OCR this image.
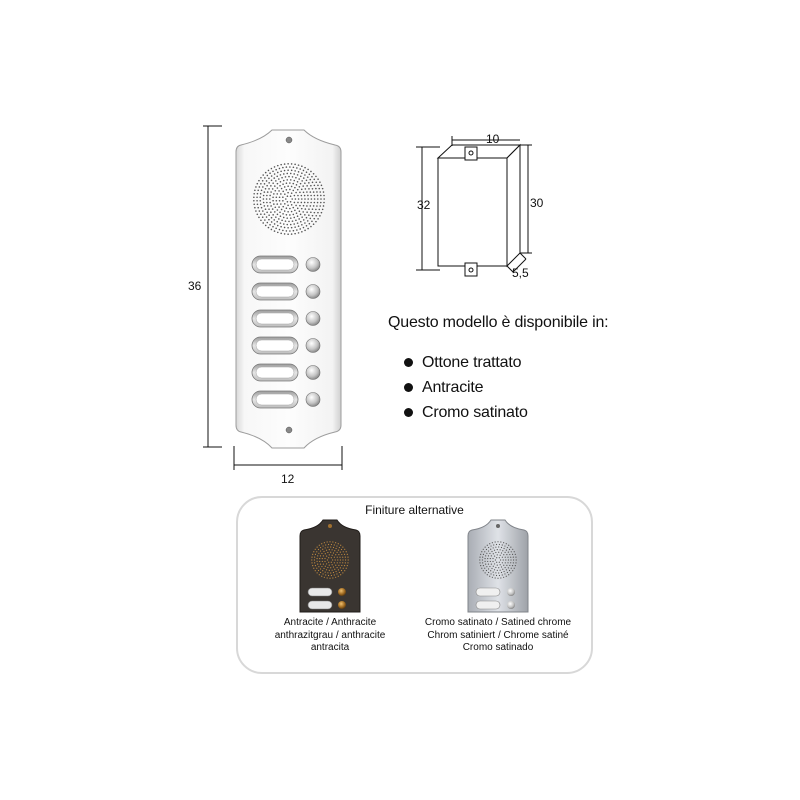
36
12
10
32	30
5,5
Questo modello è disponibile in:
Ottone trattato
Antracite
Cromo satinato
Finiture alternative
Antracite / Anthracite
anthrazitgrau / anthracite
antracita
Cromo satinato / Satined chrome
Chrom satiniert / Chrome satiné
Cromo satinado
